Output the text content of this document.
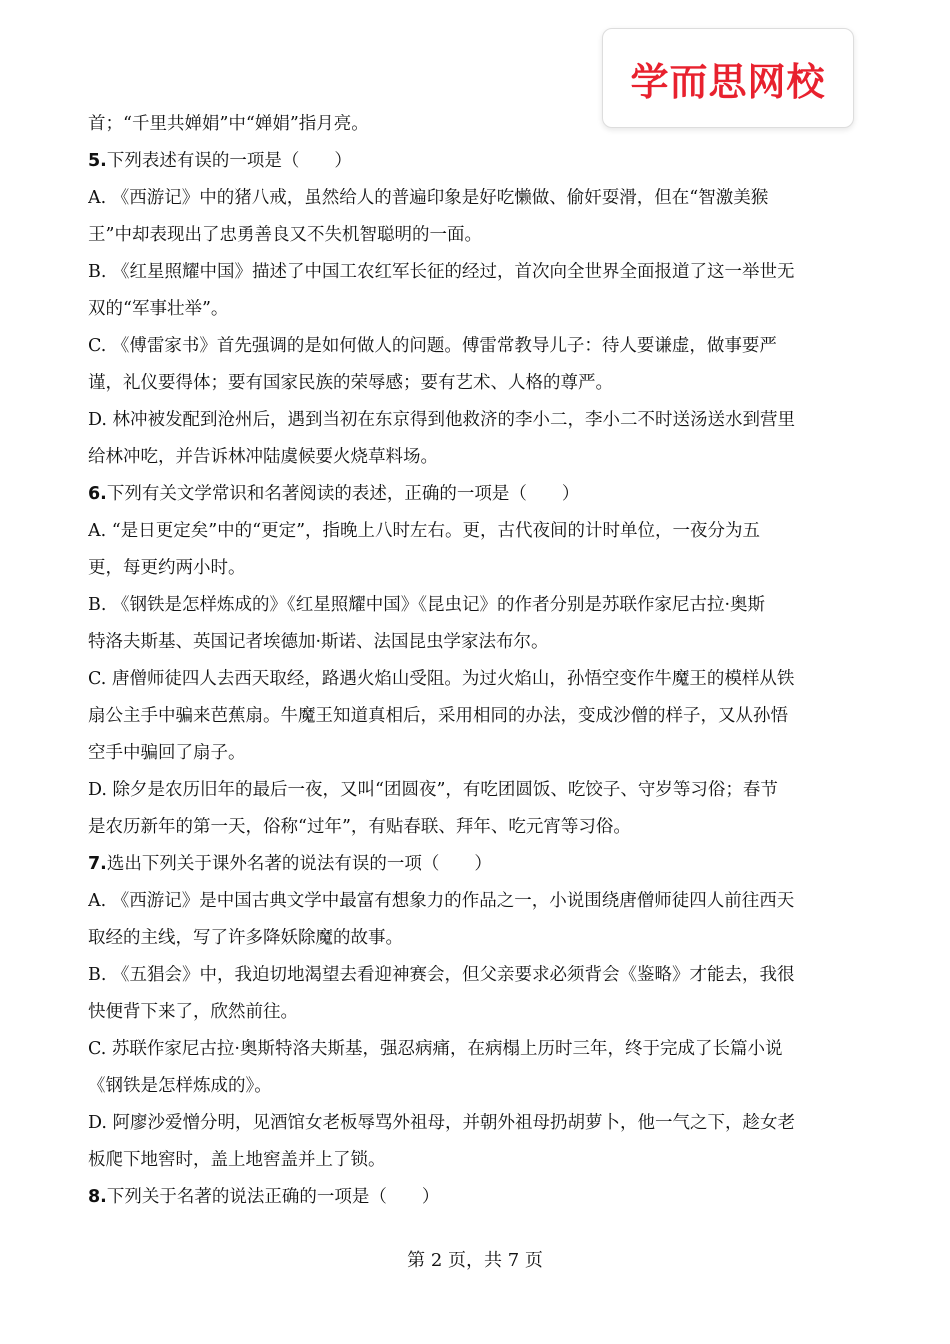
学而思网校
首；“千里共婵娟”中“婵娟”指月亮。
5.下列表述有误的一项是（　　）
A. 《西游记》中的猪八戒，虽然给人的普遍印象是好吃懒做、偷奸耍滑，但在“智激美猴
王”中却表现出了忠勇善良又不失机智聪明的一面。
B. 《红星照耀中国》描述了中国工农红军长征的经过，首次向全世界全面报道了这一举世无
双的“军事壮举”。
C. 《傅雷家书》首先强调的是如何做人的问题。傅雷常教导儿子：待人要谦虚，做事要严
谨，礼仪要得体；要有国家民族的荣辱感；要有艺术、人格的尊严。
D. 林冲被发配到沧州后，遇到当初在东京得到他救济的李小二，李小二不时送汤送水到营里
给林冲吃，并告诉林冲陆虞候要火烧草料场。
6.下列有关文学常识和名著阅读的表述，正确的一项是（　　）
A. “是日更定矣”中的“更定”，指晚上八时左右。更，古代夜间的计时单位，一夜分为五
更，每更约两小时。
B. 《钢铁是怎样炼成的》《红星照耀中国》《昆虫记》的作者分别是苏联作家尼古拉·奥斯
特洛夫斯基、英国记者埃德加·斯诺、法国昆虫学家法布尔。
C. 唐僧师徒四人去西天取经，路遇火焰山受阻。为过火焰山，孙悟空变作牛魔王的模样从铁
扇公主手中骗来芭蕉扇。牛魔王知道真相后，采用相同的办法，变成沙僧的样子，又从孙悟
空手中骗回了扇子。
D. 除夕是农历旧年的最后一夜，又叫“团圆夜”，有吃团圆饭、吃饺子、守岁等习俗；春节
是农历新年的第一天，俗称“过年”，有贴春联、拜年、吃元宵等习俗。
7.选出下列关于课外名著的说法有误的一项（　　）
A. 《西游记》是中国古典文学中最富有想象力的作品之一，小说围绕唐僧师徒四人前往西天
取经的主线，写了许多降妖除魔的故事。
B. 《五猖会》中，我迫切地渴望去看迎神赛会，但父亲要求必须背会《鉴略》才能去，我很
快便背下来了，欣然前往。
C. 苏联作家尼古拉·奥斯特洛夫斯基，强忍病痛，在病榻上历时三年，终于完成了长篇小说
《钢铁是怎样炼成的》。
D. 阿廖沙爱憎分明，见酒馆女老板辱骂外祖母，并朝外祖母扔胡萝卜，他一气之下，趁女老
板爬下地窖时，盖上地窖盖并上了锁。
8.下列关于名著的说法正确的一项是（　　）
第 2 页，共 7 页
